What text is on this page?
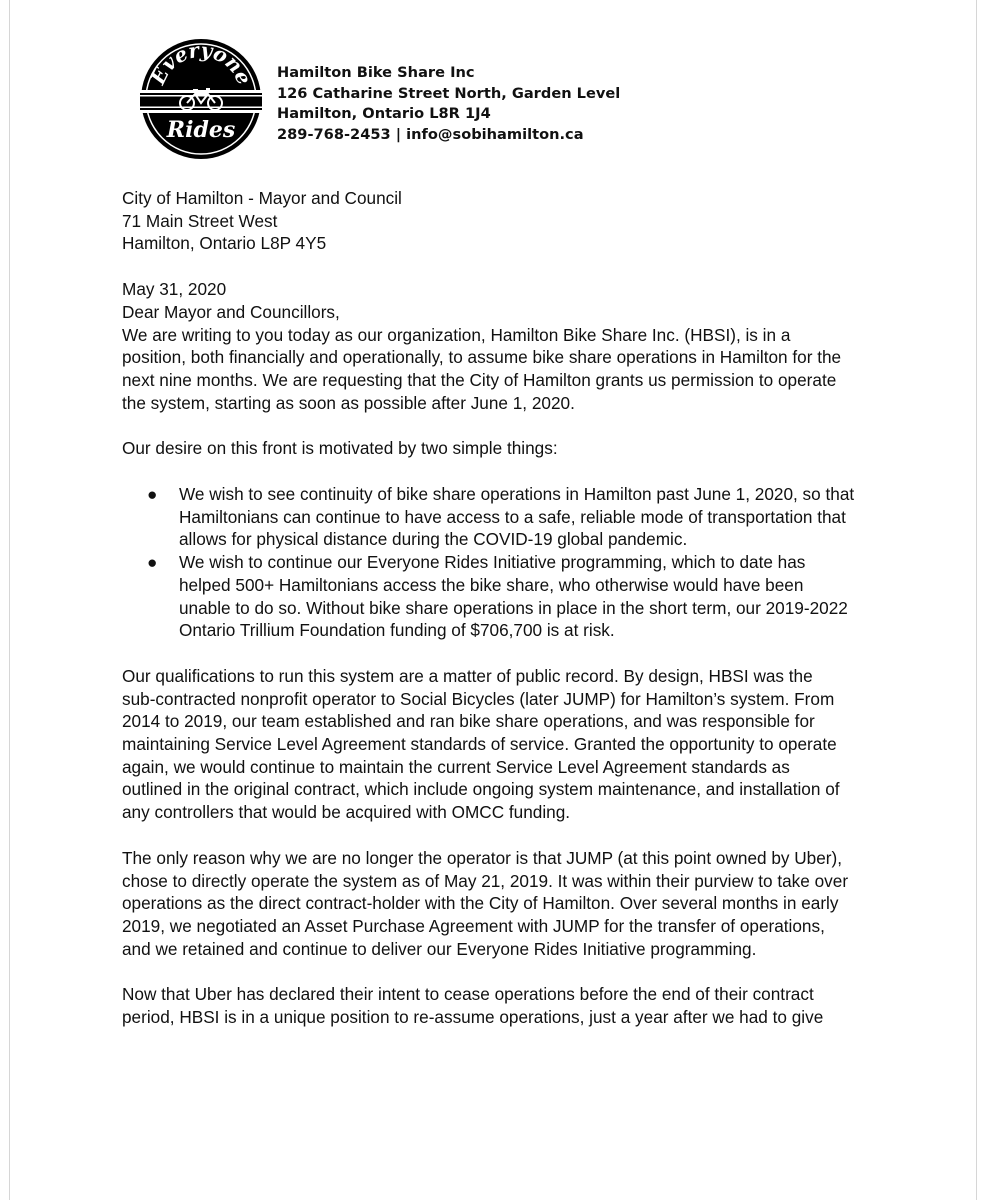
Everyone
Rides
Hamilton Bike Share Inc
126 Catharine Street North, Garden Level
Hamilton, Ontario L8R 1J4
289-768-2453 | info@sobihamilton.ca
City of Hamilton - Mayor and Council
71 Main Street West
Hamilton, Ontario L8P 4Y5

May 31, 2020

Dear Mayor and Councillors,

We are writing to you today as our organization, Hamilton Bike Share Inc. (HBSI), is in a
position, both financially and operationally, to assume bike share operations in Hamilton for the
next nine months. We are requesting that the City of Hamilton grants us permission to operate
the system, starting as soon as possible after June 1, 2020.
Our desire on this front is motivated by two simple things:
● We wish to see continuity of bike share operations in Hamilton past June 1, 2020, so that
Hamiltonians can continue to have access to a safe, reliable mode of transportation that
allows for physical distance during the COVID-19 global pandemic.
● We wish to continue our Everyone Rides Initiative programming, which to date has
helped 500+ Hamiltonians access the bike share, who otherwise would have been
unable to do so. Without bike share operations in place in the short term, our 2019-2022
Ontario Trillium Foundation funding of $706,700 is at risk.
Our qualifications to run this system are a matter of public record. By design, HBSI was the
sub-contracted nonprofit operator to Social Bicycles (later JUMP) for Hamilton’s system. From
2014 to 2019, our team established and ran bike share operations, and was responsible for
maintaining Service Level Agreement standards of service. Granted the opportunity to operate
again, we would continue to maintain the current Service Level Agreement standards as
outlined in the original contract, which include ongoing system maintenance, and installation of
any controllers that would be acquired with OMCC funding.
The only reason why we are no longer the operator is that JUMP (at this point owned by Uber),
chose to directly operate the system as of May 21, 2019. It was within their purview to take over
operations as the direct contract-holder with the City of Hamilton. Over several months in early
2019, we negotiated an Asset Purchase Agreement with JUMP for the transfer of operations,
and we retained and continue to deliver our Everyone Rides Initiative programming.
Now that Uber has declared their intent to cease operations before the end of their contract
period, HBSI is in a unique position to re-assume operations, just a year after we had to give
